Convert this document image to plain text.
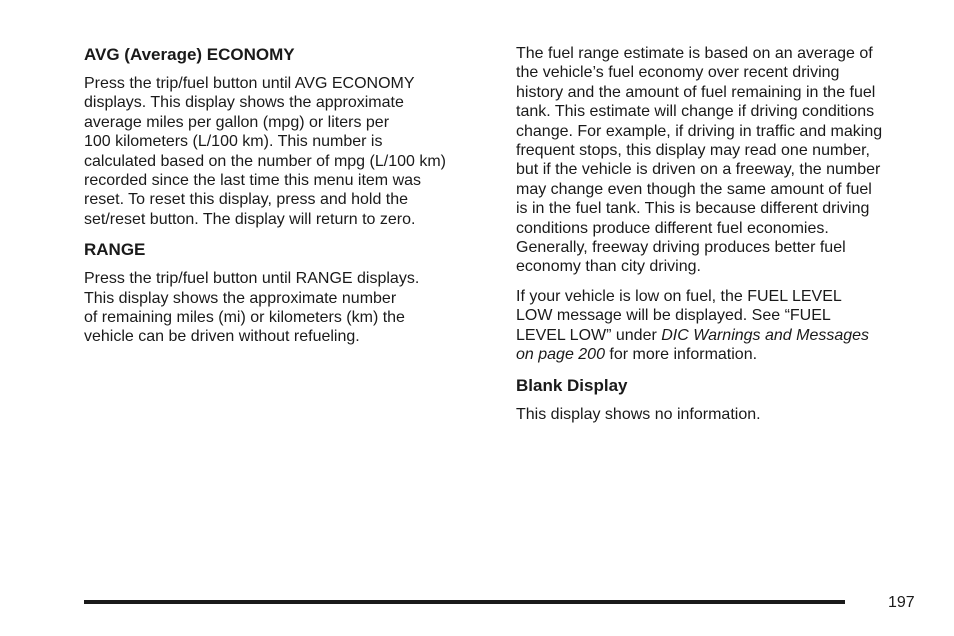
AVG (Average) ECONOMY

Press the trip/fuel button until AVG ECONOMY
displays. This display shows the approximate
average miles per gallon (mpg) or liters per
100 kilometers (L/100 km). This number is
calculated based on the number of mpg (L/100 km)
recorded since the last time this menu item was
reset. To reset this display, press and hold the
set/reset button. The display will return to zero.

RANGE

Press the trip/fuel button until RANGE displays.
This display shows the approximate number
of remaining miles (mi) or kilometers (km) the
vehicle can be driven without refueling.

The fuel range estimate is based on an average of
the vehicle’s fuel economy over recent driving
history and the amount of fuel remaining in the fuel
tank. This estimate will change if driving conditions
change. For example, if driving in traffic and making
frequent stops, this display may read one number,
but if the vehicle is driven on a freeway, the number
may change even though the same amount of fuel
is in the fuel tank. This is because different driving
conditions produce different fuel economies.
Generally, freeway driving produces better fuel
economy than city driving.

If your vehicle is low on fuel, the FUEL LEVEL
LOW message will be displayed. See “FUEL
LEVEL LOW” under DIC Warnings and Messages
on page 200 for more information.

Blank Display

This display shows no information.

197
